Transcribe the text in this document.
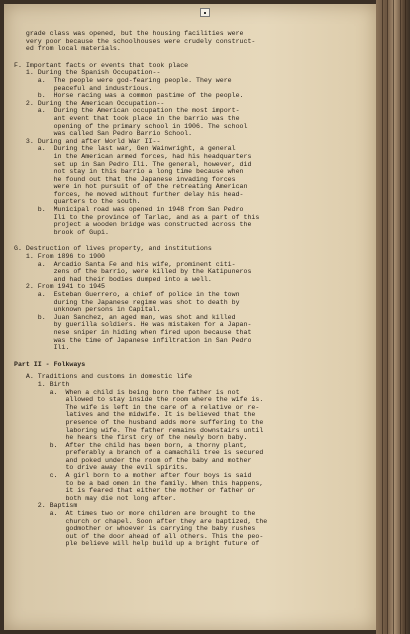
grade class was opened, but the housing facilities were
very poor because the schoolhouses were crudely construct-
ed from local materials.
F. Important facts or events that took place
1. During the Spanish Occupation--
a.  The people were god-fearing people. They were
peaceful and industrious.
b.  Horse racing was a common pastime of the people.
2. During the American Occupation--
a.  During the American occupation the most import-
ant event that took place in the barrio was the
opening of the primary school in 1906. The school
was called San Pedro Barrio School.
3. During and after World War II--
a.  During the last war, Gen Wainwright, a general
in the American armed forces, had his headquarters
set up in San Pedro Ili. The general, however, did
not stay in this barrio a long time because when
he found out that the Japanese invading forces
were in hot pursuit of of the retreating American
forces, he moved without further delay his head-
quarters to the south.
b.  Municipal road was opened in 1948 from San Pedro
Ili to the province of Tarlac, and as a part of this
project a wooden bridge was constructed across the
brook of Gupi.
G. Destruction of lives property, and institutions
1. From 1896 to 1900
a.  Arcadio Santa Fe and his wife, prominent citi-
zens of the barrio, were killed by the Katipuneros
and had their bodies dumped into a well.
2. From 1941 to 1945
a.  Esteban Guerrero, a chief of police in the town
during the Japanese regime was shot to death by
unknown persons in Capital.
b.  Juan Sanchez, an aged man, was shot and killed
by guerilla soldiers. He was mistaken for a Japan-
nese sniper in hiding when fired upon because that
was the time of Japanese infiltration in San Pedro
Ili.
Part II - Folkways
A. Traditions and customs in domestic life
1. Birth
a.  When a child is being born the father is not
allowed to stay inside the room where the wife is.
The wife is left in the care of a relative or re-
latives and the midwife. It is believed that the
presence of the husband adds more suffering to the
laboring wife. The father remains downstairs until
he hears the first cry of the newly born baby.
b.  After the child has been born, a thorny plant,
preferably a branch of a camachili tree is secured
and poked under the room of the baby and mother
to drive away the evil spirits.
c.  A girl born to a mother after four boys is said
to be a bad omen in the family. When this happens,
it is feared that either the mother or father or
both may die not long after.
2. Baptism
a.  At times two or more children are brought to the
church or chapel. Soon after they are baptized, the
godmother or whoever is carrying the baby rushes
out of the door ahead of all others. This the peo-
ple believe will help build up a bright future of
